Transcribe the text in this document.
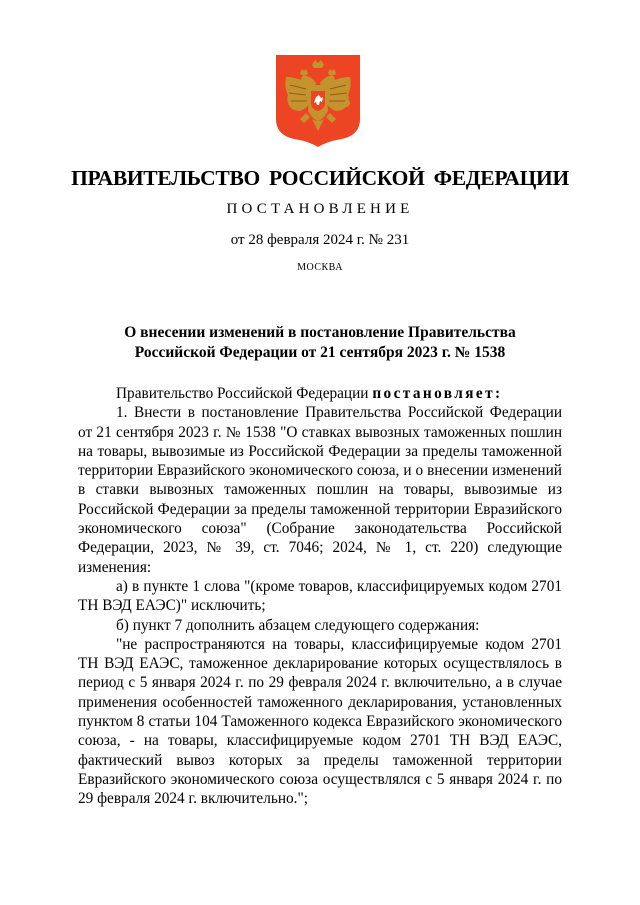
ПРАВИТЕЛЬСТВО РОССИЙСКОЙ ФЕДЕРАЦИИ
ПОСТАНОВЛЕНИЕ
от 28 февраля 2024 г. № 231
МОСКВА
О внесении изменений в постановление Правительства
Российской Федерации от 21 сентября 2023 г. № 1538

Правительство Российской Федерации постановляет:

1. Внести в постановление Правительства Российской Федерации от 21 сентября 2023 г. № 1538 "О ставках вывозных таможенных пошлин на товары, вывозимые из Российской Федерации за пределы таможенной территории Евразийского экономического союза, и о внесении изменений в ставки вывозных таможенных пошлин на товары, вывозимые из Российской Федерации за пределы таможенной территории Евразийского экономического союза" (Собрание законодательства Российской Федерации, 2023, № 39, ст. 7046; 2024, № 1, ст. 220) следующие изменения:

а) в пункте 1 слова "(кроме товаров, классифицируемых кодом 2701 ТН ВЭД ЕАЭС)" исключить;

б) пункт 7 дополнить абзацем следующего содержания:

"не распространяются на товары, классифицируемые кодом 2701 ТН ВЭД ЕАЭС, таможенное декларирование которых осуществлялось в период с 5 января 2024 г. по 29 февраля 2024 г. включительно, а в случае применения особенностей таможенного декларирования, установленных пунктом 8 статьи 104 Таможенного кодекса Евразийского экономического союза, - на товары, классифицируемые кодом 2701 ТН ВЭД ЕАЭС, фактический вывоз которых за пределы таможенной территории Евразийского экономического союза осуществлялся с 5 января 2024 г. по 29 февраля 2024 г. включительно.";
